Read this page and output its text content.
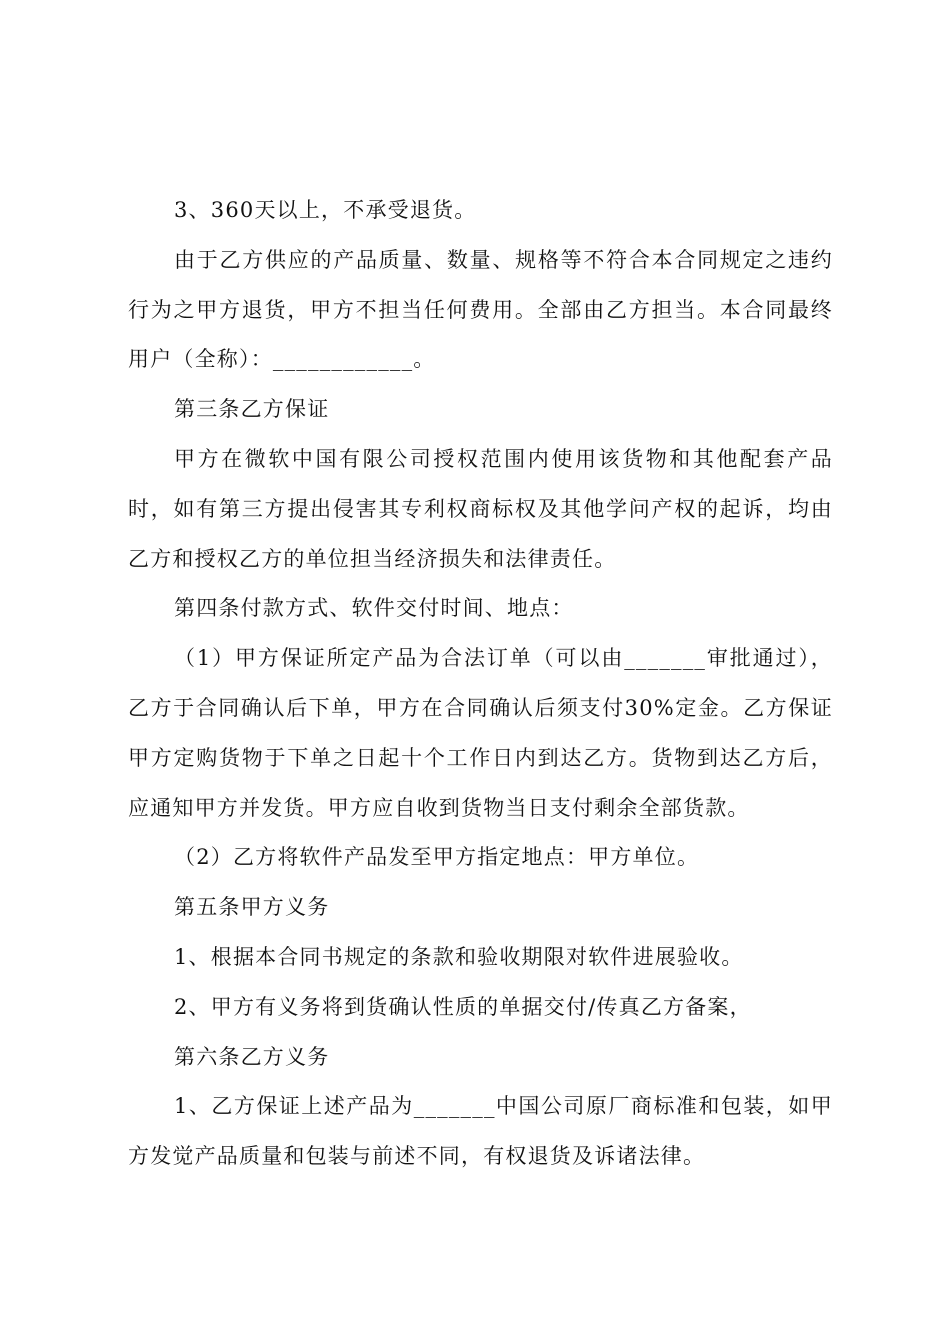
3、360天以上，不承受退货。

由于乙方供应的产品质量、数量、规格等不符合本合同规定之违约行为之甲方退货，甲方不担当任何费用。全部由乙方担当。本合同最终用户（全称）：____________。

第三条乙方保证

甲方在微软中国有限公司授权范围内使用该货物和其他配套产品时，如有第三方提出侵害其专利权商标权及其他学问产权的起诉，均由乙方和授权乙方的单位担当经济损失和法律责任。

第四条付款方式、软件交付时间、地点：

（1）甲方保证所定产品为合法订单（可以由_______审批通过），乙方于合同确认后下单，甲方在合同确认后须支付30%定金。乙方保证甲方定购货物于下单之日起十个工作日内到达乙方。货物到达乙方后，应通知甲方并发货。甲方应自收到货物当日支付剩余全部货款。

（2）乙方将软件产品发至甲方指定地点：甲方单位。

第五条甲方义务

1、根据本合同书规定的条款和验收期限对软件进展验收。

2、甲方有义务将到货确认性质的单据交付/传真乙方备案，

第六条乙方义务

1、乙方保证上述产品为_______中国公司原厂商标准和包装，如甲方发觉产品质量和包装与前述不同，有权退货及诉诸法律。
